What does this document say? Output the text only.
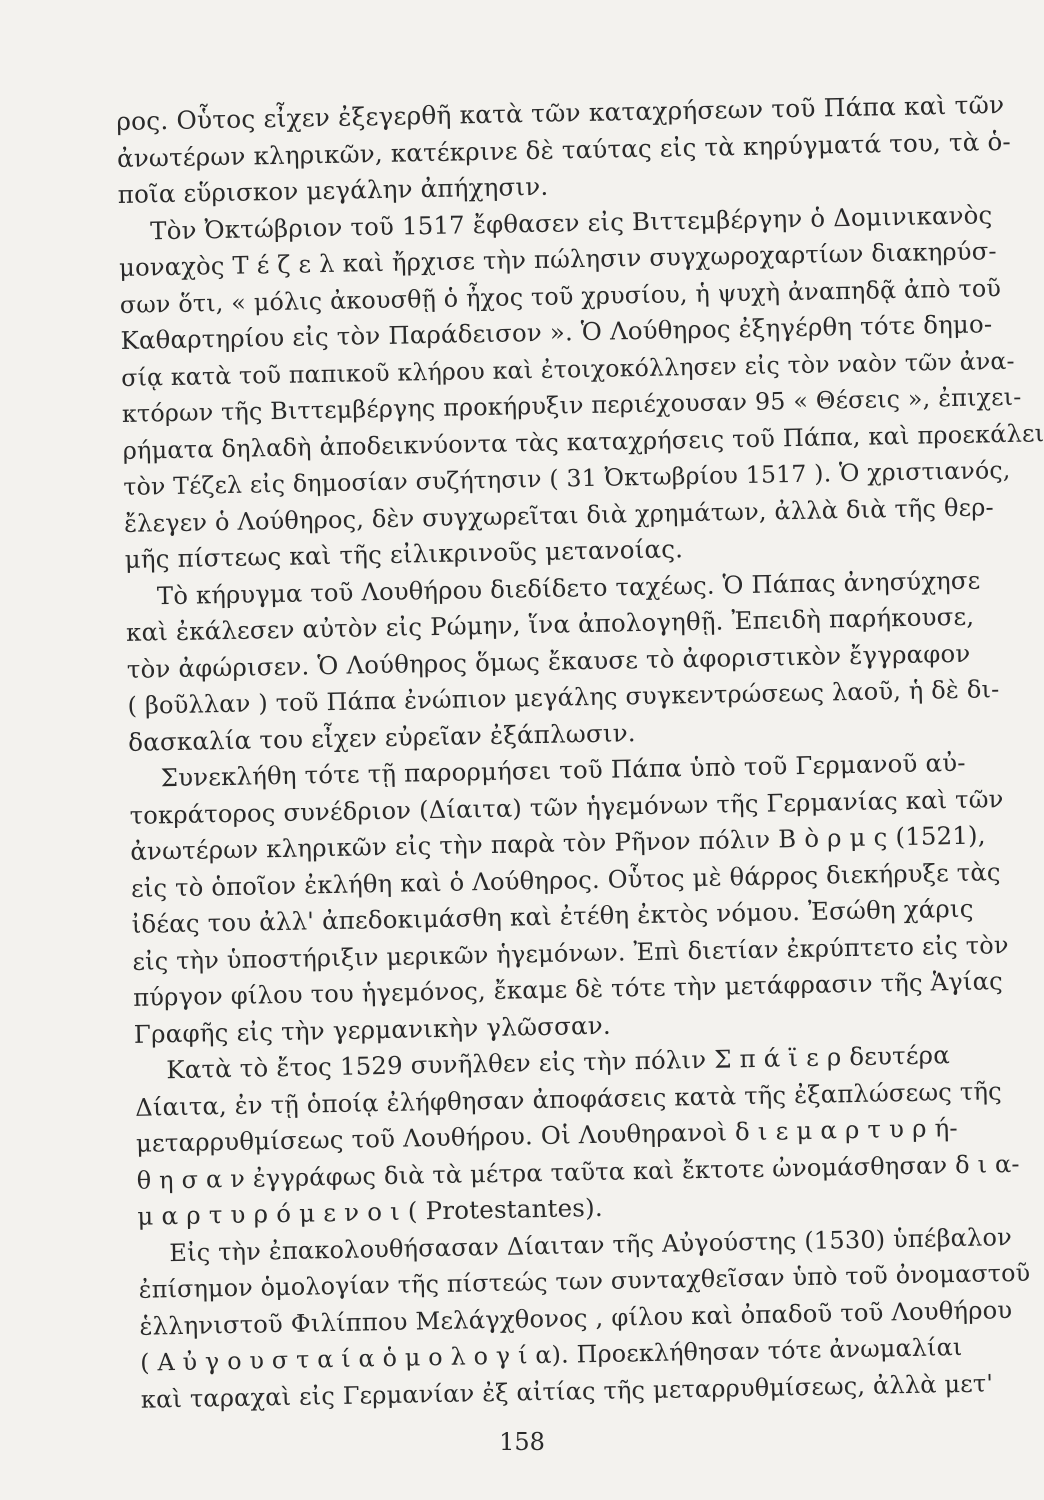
ρος. Οὗτος εἶχεν ἐξεγερθῆ κατὰ τῶν καταχρήσεων τοῦ Πάπα καὶ τῶν
ἀνωτέρων κληρικῶν, κατέκρινε δὲ ταύτας εἰς τὰ κηρύγματά του, τὰ ὁ-
ποῖα εὕρισκον μεγάλην ἀπήχησιν.
Τὸν Ὀκτώβριον τοῦ 1517 ἔφθασεν εἰς Βιττεμβέργην ὁ Δομινικανὸς
μοναχὸς Τ έ ζ ε λ καὶ ἤρχισε τὴν πώλησιν συγχωροχαρτίων διακηρύσ-
σων ὅτι, « μόλις ἀκουσθῇ ὁ ἦχος τοῦ χρυσίου, ἡ ψυχὴ ἀναπηδᾷ ἀπὸ τοῦ
Καθαρτηρίου εἰς τὸν Παράδεισον ». Ὁ Λούθηρος ἐξηγέρθη τότε δημο-
σίᾳ κατὰ τοῦ παπικοῦ κλήρου καὶ ἐτοιχοκόλλησεν εἰς τὸν ναὸν τῶν ἀνα-
κτόρων τῆς Βιττεμβέργης προκήρυξιν περιέχουσαν 95 « Θέσεις », ἐπιχει-
ρήματα δηλαδὴ ἀποδεικνύοντα τὰς καταχρήσεις τοῦ Πάπα, καὶ προεκάλει
τὸν Τέζελ εἰς δημοσίαν συζήτησιν ( 31 Ὀκτωβρίου 1517 ). Ὁ χριστιανός,
ἔλεγεν ὁ Λούθηρος, δὲν συγχωρεῖται διὰ χρημάτων, ἀλλὰ διὰ τῆς θερ-
μῆς πίστεως καὶ τῆς εἰλικρινοῦς μετανοίας.
Τὸ κήρυγμα τοῦ Λουθήρου διεδίδετο ταχέως. Ὁ Πάπας ἀνησύχησε
καὶ ἐκάλεσεν αὐτὸν εἰς Ρώμην, ἵνα ἀπολογηθῇ. Ἐπειδὴ παρήκουσε,
τὸν ἀφώρισεν. Ὁ Λούθηρος ὅμως ἔκαυσε τὸ ἀφοριστικὸν ἔγγραφον
( βοῦλλαν ) τοῦ Πάπα ἐνώπιον μεγάλης συγκεντρώσεως λαοῦ, ἡ δὲ δι-
δασκαλία του εἶχεν εὐρεῖαν ἐξάπλωσιν.
Συνεκλήθη τότε τῇ παρορμήσει τοῦ Πάπα ὑπὸ τοῦ Γερμανοῦ αὐ-
τοκράτορος συνέδριον (Δίαιτα) τῶν ἡγεμόνων τῆς Γερμανίας καὶ τῶν
ἀνωτέρων κληρικῶν εἰς τὴν παρὰ τὸν Ρῆνον πόλιν Β ὸ ρ μ ς (1521),
εἰς τὸ ὁποῖον ἐκλήθη καὶ ὁ Λούθηρος. Οὗτος μὲ θάρρος διεκήρυξε τὰς
ἰδέας του ἀλλ' ἀπεδοκιμάσθη καὶ ἐτέθη ἐκτὸς νόμου. Ἐσώθη χάρις
εἰς τὴν ὑποστήριξιν μερικῶν ἡγεμόνων. Ἐπὶ διετίαν ἐκρύπτετο εἰς τὸν
πύργον φίλου του ἡγεμόνος, ἔκαμε δὲ τότε τὴν μετάφρασιν τῆς Ἁγίας
Γραφῆς εἰς τὴν γερμανικὴν γλῶσσαν.
Κατὰ τὸ ἔτος 1529 συνῆλθεν εἰς τὴν πόλιν Σ π ά ϊ ε ρ δευτέρα
Δίαιτα, ἐν τῇ ὁποίᾳ ἐλήφθησαν ἀποφάσεις κατὰ τῆς ἐξαπλώσεως τῆς
μεταρρυθμίσεως τοῦ Λουθήρου. Οἱ Λουθηρανοὶ δ ι ε μ α ρ τ υ ρ ή-
θ η σ α ν ἐγγράφως διὰ τὰ μέτρα ταῦτα καὶ ἔκτοτε ὠνομάσθησαν δ ι α-
μ α ρ τ υ ρ ό μ ε ν ο ι ( Protestantes).
Εἰς τὴν ἐπακολουθήσασαν Δίαιταν τῆς Αὐγούστης (1530) ὑπέβαλον
ἐπίσημον ὁμολογίαν τῆς πίστεώς των συνταχθεῖσαν ὑπὸ τοῦ ὀνομαστοῦ
ἑλληνιστοῦ Φιλίππου Μελάγχθονος , φίλου καὶ ὀπαδοῦ τοῦ Λουθήρου
( Α ὐ γ ο υ σ τ α ί α ὁ μ ο λ ο γ ί α). Προεκλήθησαν τότε ἀνωμαλίαι
καὶ ταραχαὶ εἰς Γερμανίαν ἐξ αἰτίας τῆς μεταρρυθμίσεως, ἀλλὰ μετ'
158
